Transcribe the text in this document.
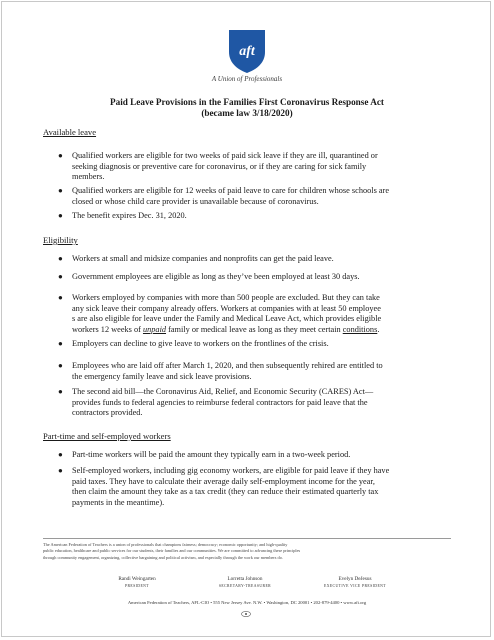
aft
A Union of Professionals
Paid Leave Provisions in the Families First Coronavirus Response Act
(became law 3/18/2020)
Available leave
● Qualified workers are eligible for two weeks of paid sick leave if they are ill, quarantined or
seeking diagnosis or preventive care for coronavirus, or if they are caring for sick family
members.
● Qualified workers are eligible for 12 weeks of paid leave to care for children whose schools are
closed or whose child care provider is unavailable because of coronavirus.
● The benefit expires Dec. 31, 2020.
Eligibility
● Workers at small and midsize companies and nonprofits can get the paid leave.
● Government employees are eligible as long as they’ve been employed at least 30 days.
● Workers employed by companies with more than 500 people are excluded. But they can take
any sick leave their company already offers. Workers at companies with at least 50 employee
s are also eligible for leave under the Family and Medical Leave Act, which provides eligible
workers 12 weeks of unpaid family or medical leave as long as they meet certain conditions.
● Employers can decline to give leave to workers on the frontlines of the crisis.
● Employees who are laid off after March 1, 2020, and then subsequently rehired are entitled to
the emergency family leave and sick leave provisions.
● The second aid bill—the Coronavirus Aid, Relief, and Economic Security (CARES) Act—
provides funds to federal agencies to reimburse federal contractors for paid leave that the
contractors provided.
Part-time and self-employed workers
● Part-time workers will be paid the amount they typically earn in a two-week period.
● Self-employed workers, including gig economy workers, are eligible for paid leave if they have
paid taxes. They have to calculate their average daily self-employment income for the year,
then claim the amount they take as a tax credit (they can reduce their estimated quarterly tax
payments in the meantime).
The American Federation of Teachers is a union of professionals that champions fairness; democracy; economic opportunity; and high-quality
public education, healthcare and public services for our students, their families and our communities. We are committed to advancing these principles
through community engagement, organizing, collective bargaining and political activism, and especially through the work our members do.
Randi Weingarten
PRESIDENT
Lorretta Johnson
SECRETARY-TREASURER
Evelyn DeJesus
EXECUTIVE VICE PRESIDENT
American Federation of Teachers, AFL-CIO • 555 New Jersey Ave. N.W. • Washington, DC 20001 • 202-879-4400 • www.aft.org
